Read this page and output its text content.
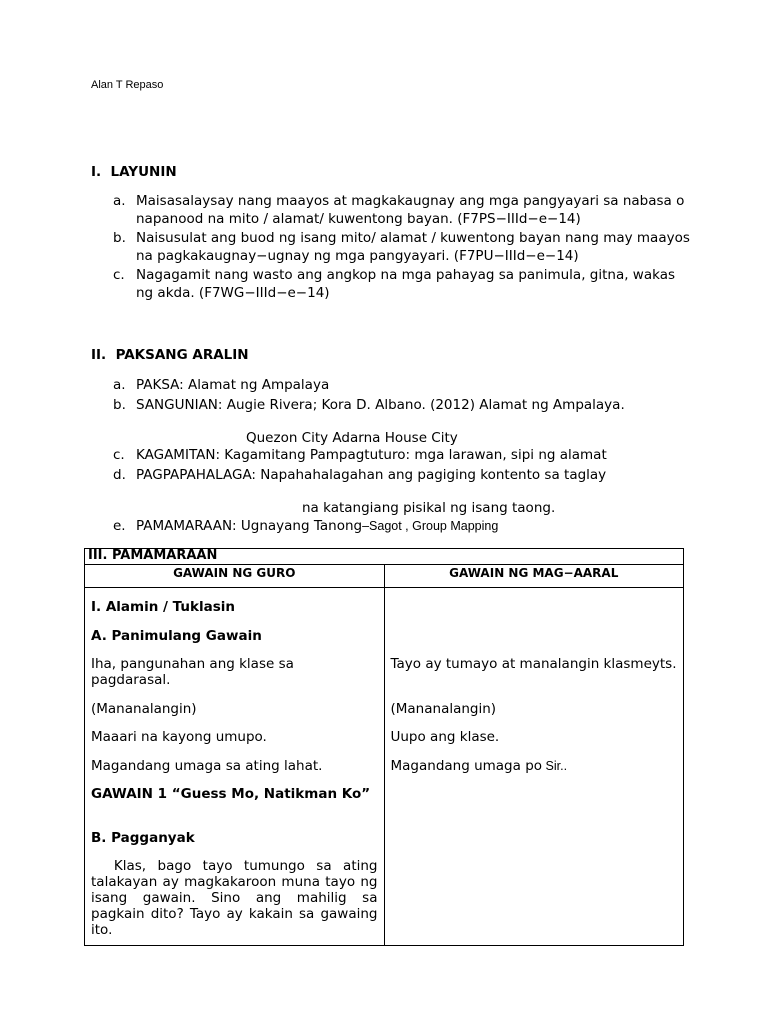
Alan T Repaso
I.  LAYUNIN
a. Maisasalaysay nang maayos at magkakaugnay ang mga pangyayari sa nabasa o napanood na mito / alamat/ kuwentong bayan. (F7PS−IIId−e−14)
b. Naisusulat ang buod ng isang mito/ alamat / kuwentong bayan nang may maayos na pagkakaugnay−ugnay ng mga pangyayari. (F7PU−IIId−e−14)
c. Nagagamit nang wasto ang angkop na mga pahayag sa panimula, gitna, wakas ng akda. (F7WG−IIId−e−14)
II.  PAKSANG ARALIN
a. PAKSA: Alamat ng Ampalaya
b. SANGUNIAN: Augie Rivera; Kora D. Albano. (2012) Alamat ng Ampalaya.
Quezon City Adarna House City
c. KAGAMITAN: Kagamitang Pampagtuturo: mga larawan, sipi ng alamat
d. PAGPAPAHALAGA: Napahahalagahan ang pagiging kontento sa taglay
na katangiang pisikal ng isang taong.
e. PAMAMARAAN: Ugnayang Tanong–Sagot , Group Mapping
III. PAMAMARAAN
GAWAIN NG GURO	GAWAIN NG MAG−AARAL
I. Alamin / Tuklasin
A. Panimulang Gawain
Iha, pangunahan ang klase sa pagdarasal.
(Mananalangin)
Maaari na kayong umupo.
Magandang umaga sa ating lahat.
GAWAIN 1 “Guess Mo, Natikman Ko”
B. Pagganyak
Klas, bago tayo tumungo sa ating talakayan ay magkakaroon muna tayo ng isang gawain. Sino ang mahilig sa pagkain dito? Tayo ay kakain sa gawaing ito.
Tayo ay tumayo at manalangin klasmeyts.
(Mananalangin)
Uupo ang klase.
Magandang umaga po Sir..
